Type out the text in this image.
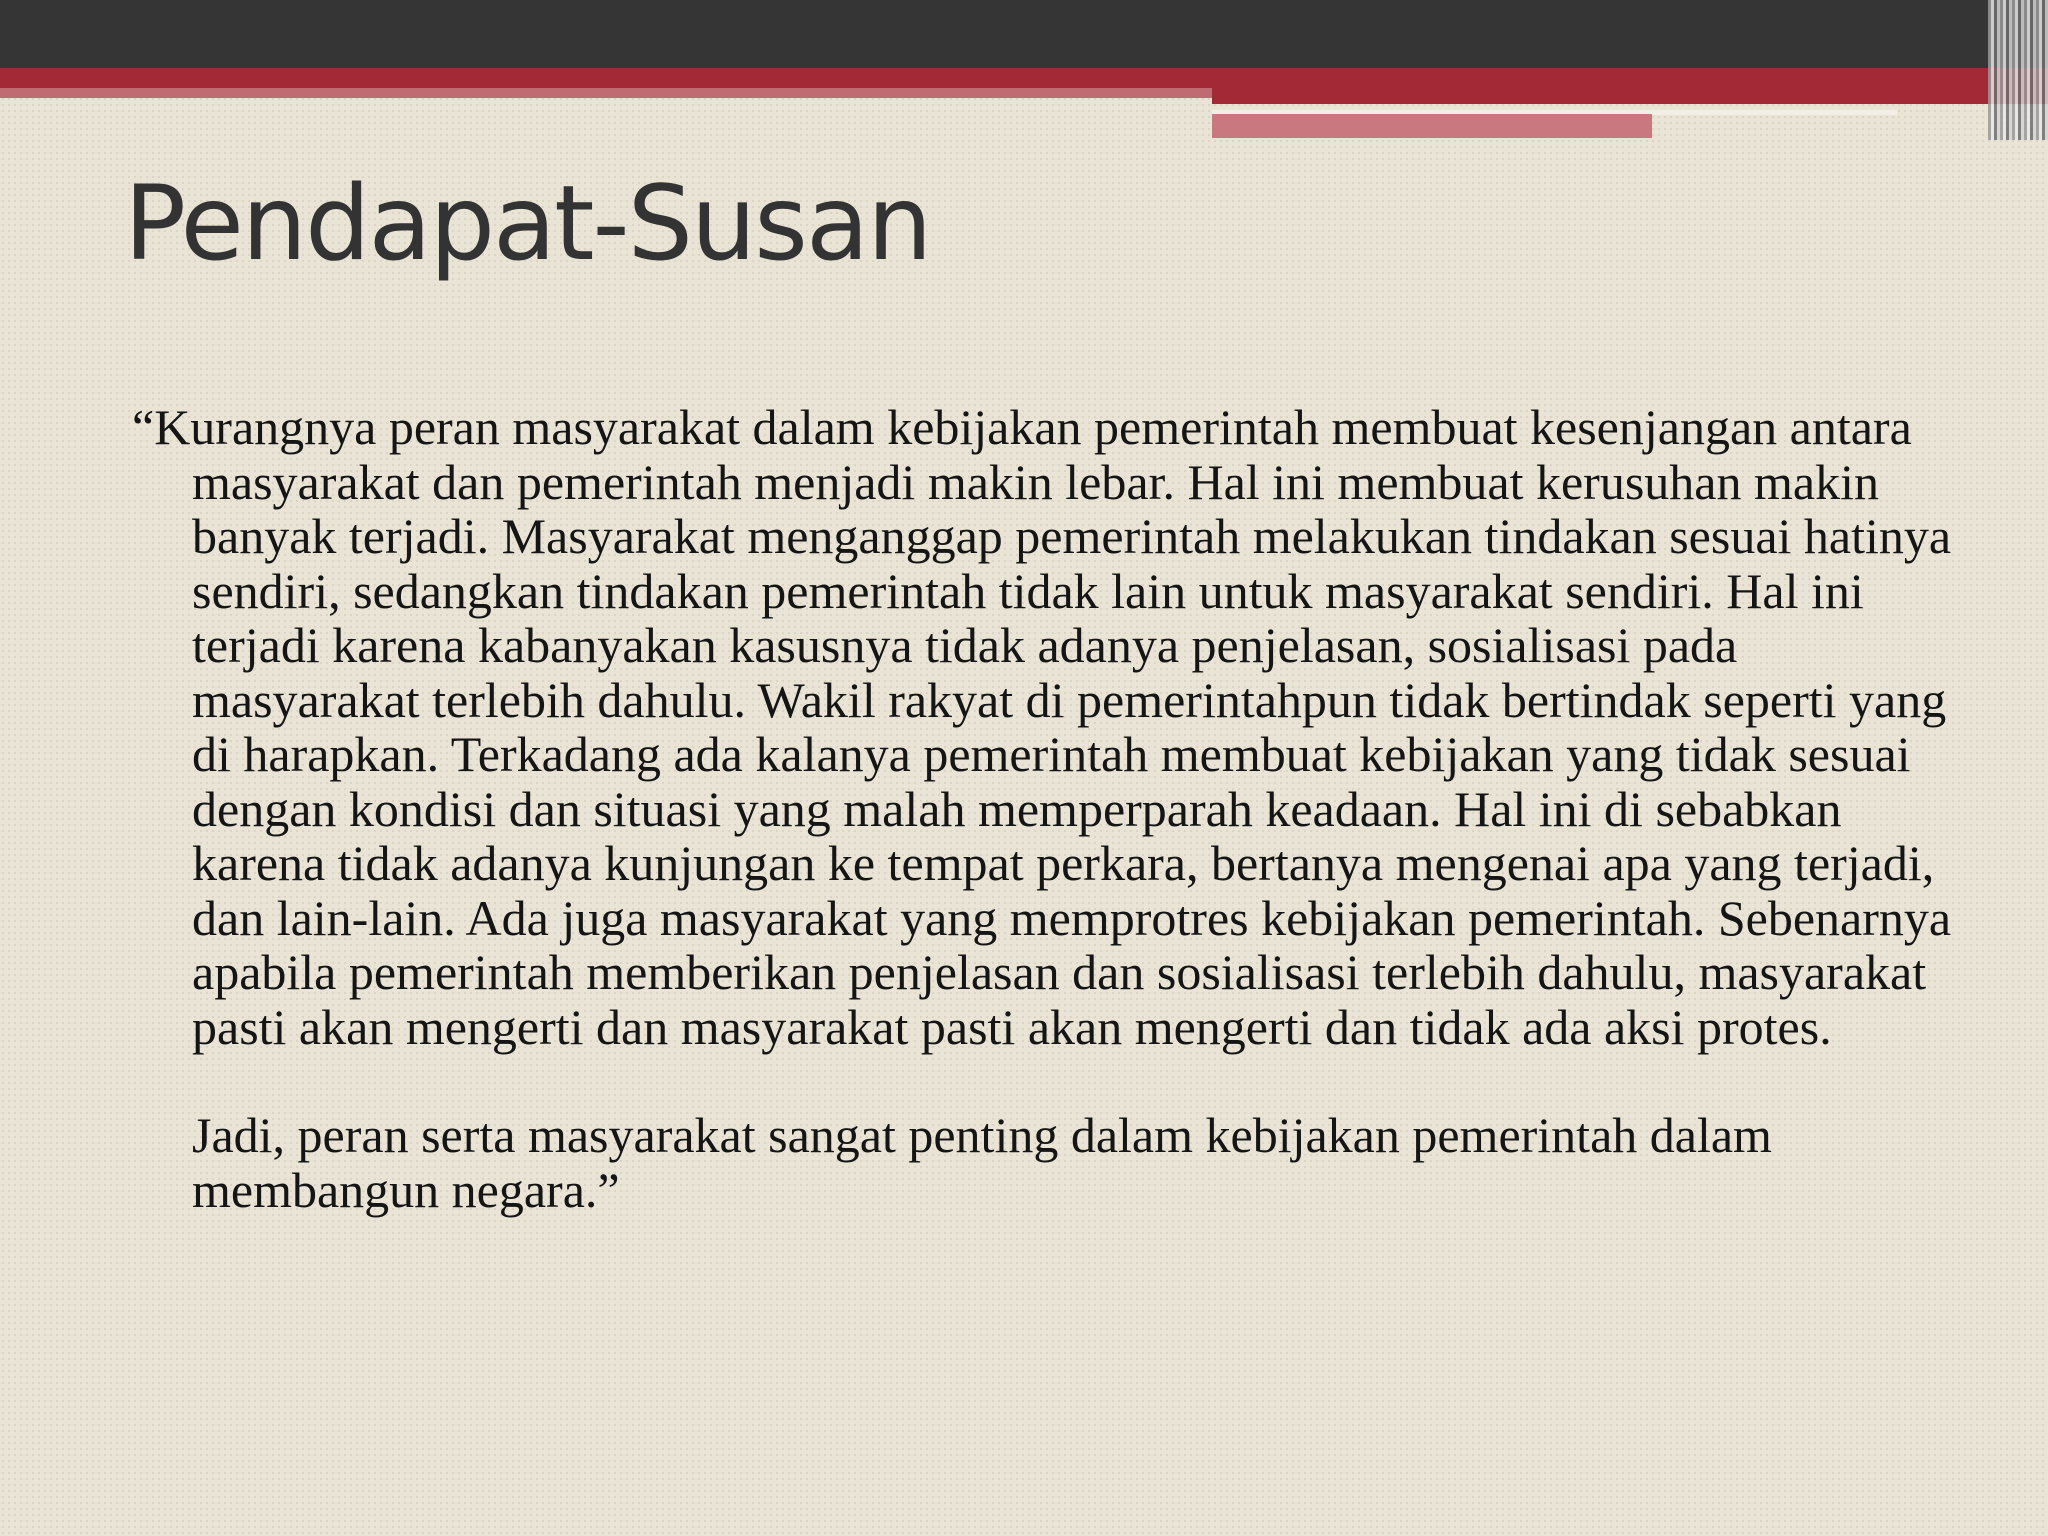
Pendapat-Susan

“Kurangnya peran masyarakat dalam kebijakan pemerintah membuat kesenjangan antara masyarakat dan pemerintah menjadi makin lebar. Hal ini membuat kerusuhan makin banyak terjadi. Masyarakat menganggap pemerintah melakukan tindakan sesuai hatinya sendiri, sedangkan tindakan pemerintah tidak lain untuk masyarakat sendiri. Hal ini terjadi karena kabanyakan kasusnya tidak adanya penjelasan, sosialisasi pada masyarakat terlebih dahulu. Wakil rakyat di pemerintahpun tidak bertindak seperti yang di harapkan. Terkadang ada kalanya pemerintah membuat kebijakan yang tidak sesuai dengan kondisi dan situasi yang malah memperparah keadaan. Hal ini di sebabkan karena tidak adanya kunjungan ke tempat perkara, bertanya mengenai apa yang terjadi, dan lain-lain. Ada juga masyarakat yang memprotres kebijakan pemerintah. Sebenarnya apabila pemerintah memberikan penjelasan dan sosialisasi terlebih dahulu, masyarakat pasti akan mengerti dan masyarakat pasti akan mengerti dan tidak ada aksi protes.

Jadi, peran serta masyarakat sangat penting dalam kebijakan pemerintah dalam membangun negara.”
